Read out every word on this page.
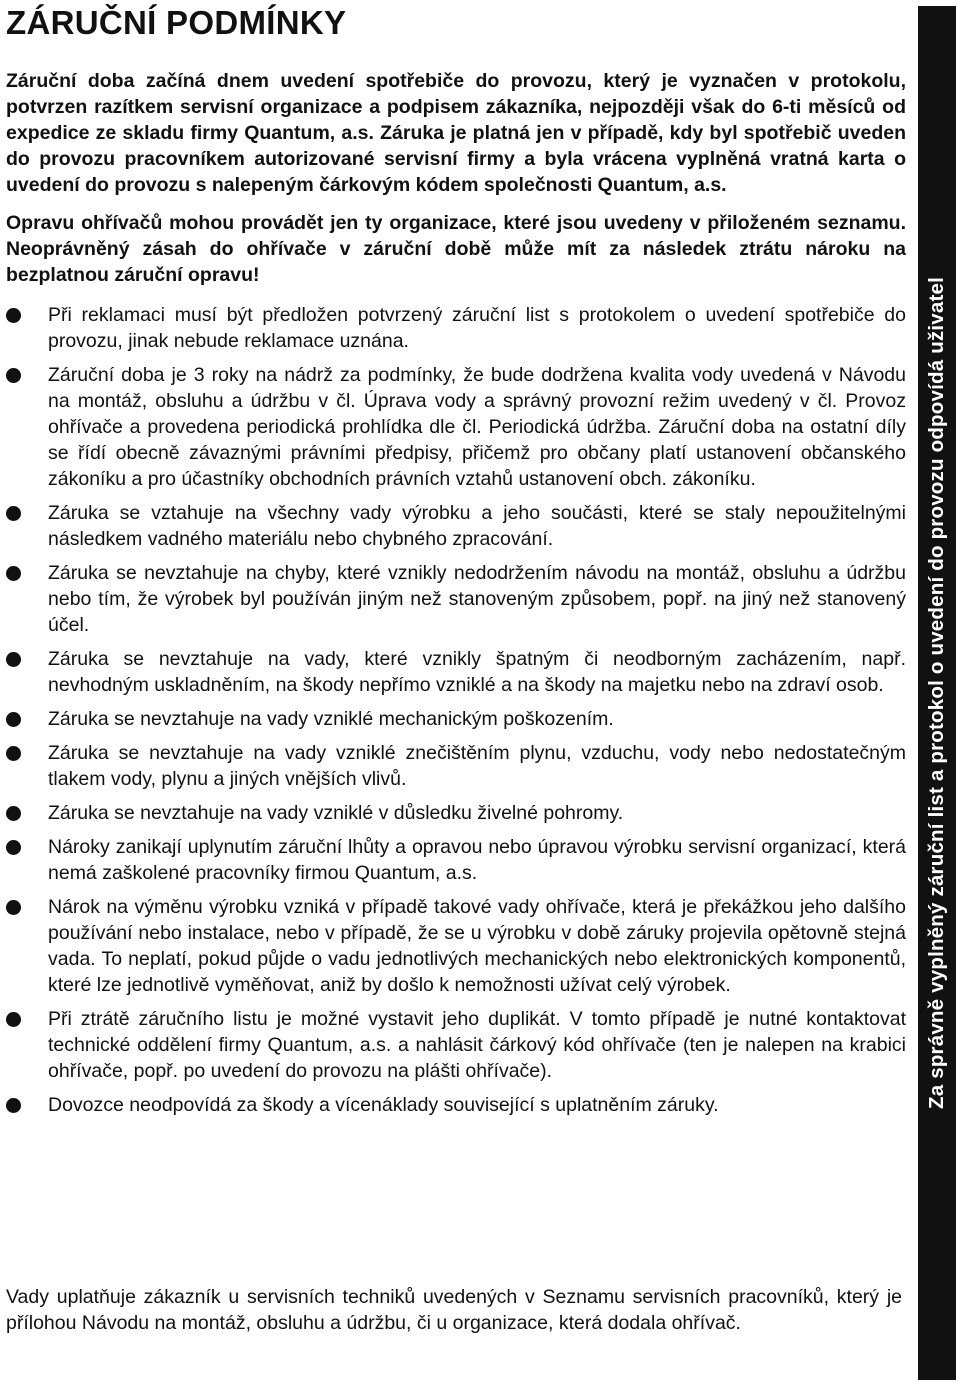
ZÁRUČNÍ PODMÍNKY

Záruční doba začíná dnem uvedení spotřebiče do provozu, který je vyznačen v protokolu, potvrzen razítkem servisní organizace a podpisem zákazníka, nejpozději však do 6-ti měsíců od expedice ze skladu firmy Quantum, a.s. Záruka je platná jen v případě, kdy byl spotřebič uveden do provozu pracovníkem autorizované servisní firmy a byla vrácena vyplněná vratná karta o uvedení do provozu s nalepeným čárkovým kódem společnosti Quantum, a.s.

Opravu ohřívačů mohou provádět jen ty organizace, které jsou uvedeny v přiloženém seznamu. Neoprávněný zásah do ohřívače v záruční době může mít za následek ztrátu nároku na bezplatnou záruční opravu!

Při reklamaci musí být předložen potvrzený záruční list s protokolem o uvedení spotřebiče do provozu, jinak nebude reklamace uznána.
Záruční doba je 3 roky na nádrž za podmínky, že bude dodržena kvalita vody uvedená v Návodu na montáž, obsluhu a údržbu v čl. Úprava vody a správný provozní režim uvedený v čl. Provoz ohřívače a provedena periodická prohlídka dle čl. Periodická údržba. Záruční doba na ostatní díly se řídí obecně závaznými právními předpisy, přičemž pro občany platí ustanovení občanského zákoníku a pro účastníky obchodních právních vztahů ustanovení obch. zákoníku.
Záruka se vztahuje na všechny vady výrobku a jeho součásti, které se staly nepoužitelnými následkem vadného materiálu nebo chybného zpracování.
Záruka se nevztahuje na chyby, které vznikly nedodržením návodu na montáž, obsluhu a údržbu nebo tím, že výrobek byl používán jiným než stanoveným způsobem, popř. na jiný než stanovený účel.
Záruka se nevztahuje na vady, které vznikly špatným či neodborným zacházením, např. nevhodným uskladněním, na škody nepřímo vzniklé a na škody na majetku nebo na zdraví osob.
Záruka se nevztahuje na vady vzniklé mechanickým poškozením.
Záruka se nevztahuje na vady vzniklé znečištěním plynu, vzduchu, vody nebo nedostatečným tlakem vody, plynu a jiných vnějších vlivů.
Záruka se nevztahuje na vady vzniklé v důsledku živelné pohromy.
Nároky zanikají uplynutím záruční lhůty a opravou nebo úpravou výrobku servisní organizací, která nemá zaškolené pracovníky firmou Quantum, a.s.
Nárok na výměnu výrobku vzniká v případě takové vady ohřívače, která je překážkou jeho dalšího používání nebo instalace, nebo v případě, že se u výrobku v době záruky projevila opětovně stejná vada. To neplatí, pokud půjde o vadu jednotlivých mechanických nebo elektronických komponentů, které lze jednotlivě vyměňovat, aniž by došlo k nemožnosti užívat celý výrobek.
Při ztrátě záručního listu je možné vystavit jeho duplikát. V tomto případě je nutné kontaktovat technické oddělení firmy Quantum, a.s. a nahlásit čárkový kód ohřívače (ten je nalepen na krabici ohřívače, popř. po uvedení do provozu na plášti ohřívače).
Dovozce neodpovídá za škody a vícenáklady související s uplatněním záruky.

Vady uplatňuje zákazník u servisních techniků uvedených v Seznamu servisních pracovníků, který je přílohou Návodu na montáž, obsluhu a údržbu, či u organizace, která dodala ohřívač.

Za správně vyplněný záruční list a protokol o uvedení do provozu odpovídá uživatel
